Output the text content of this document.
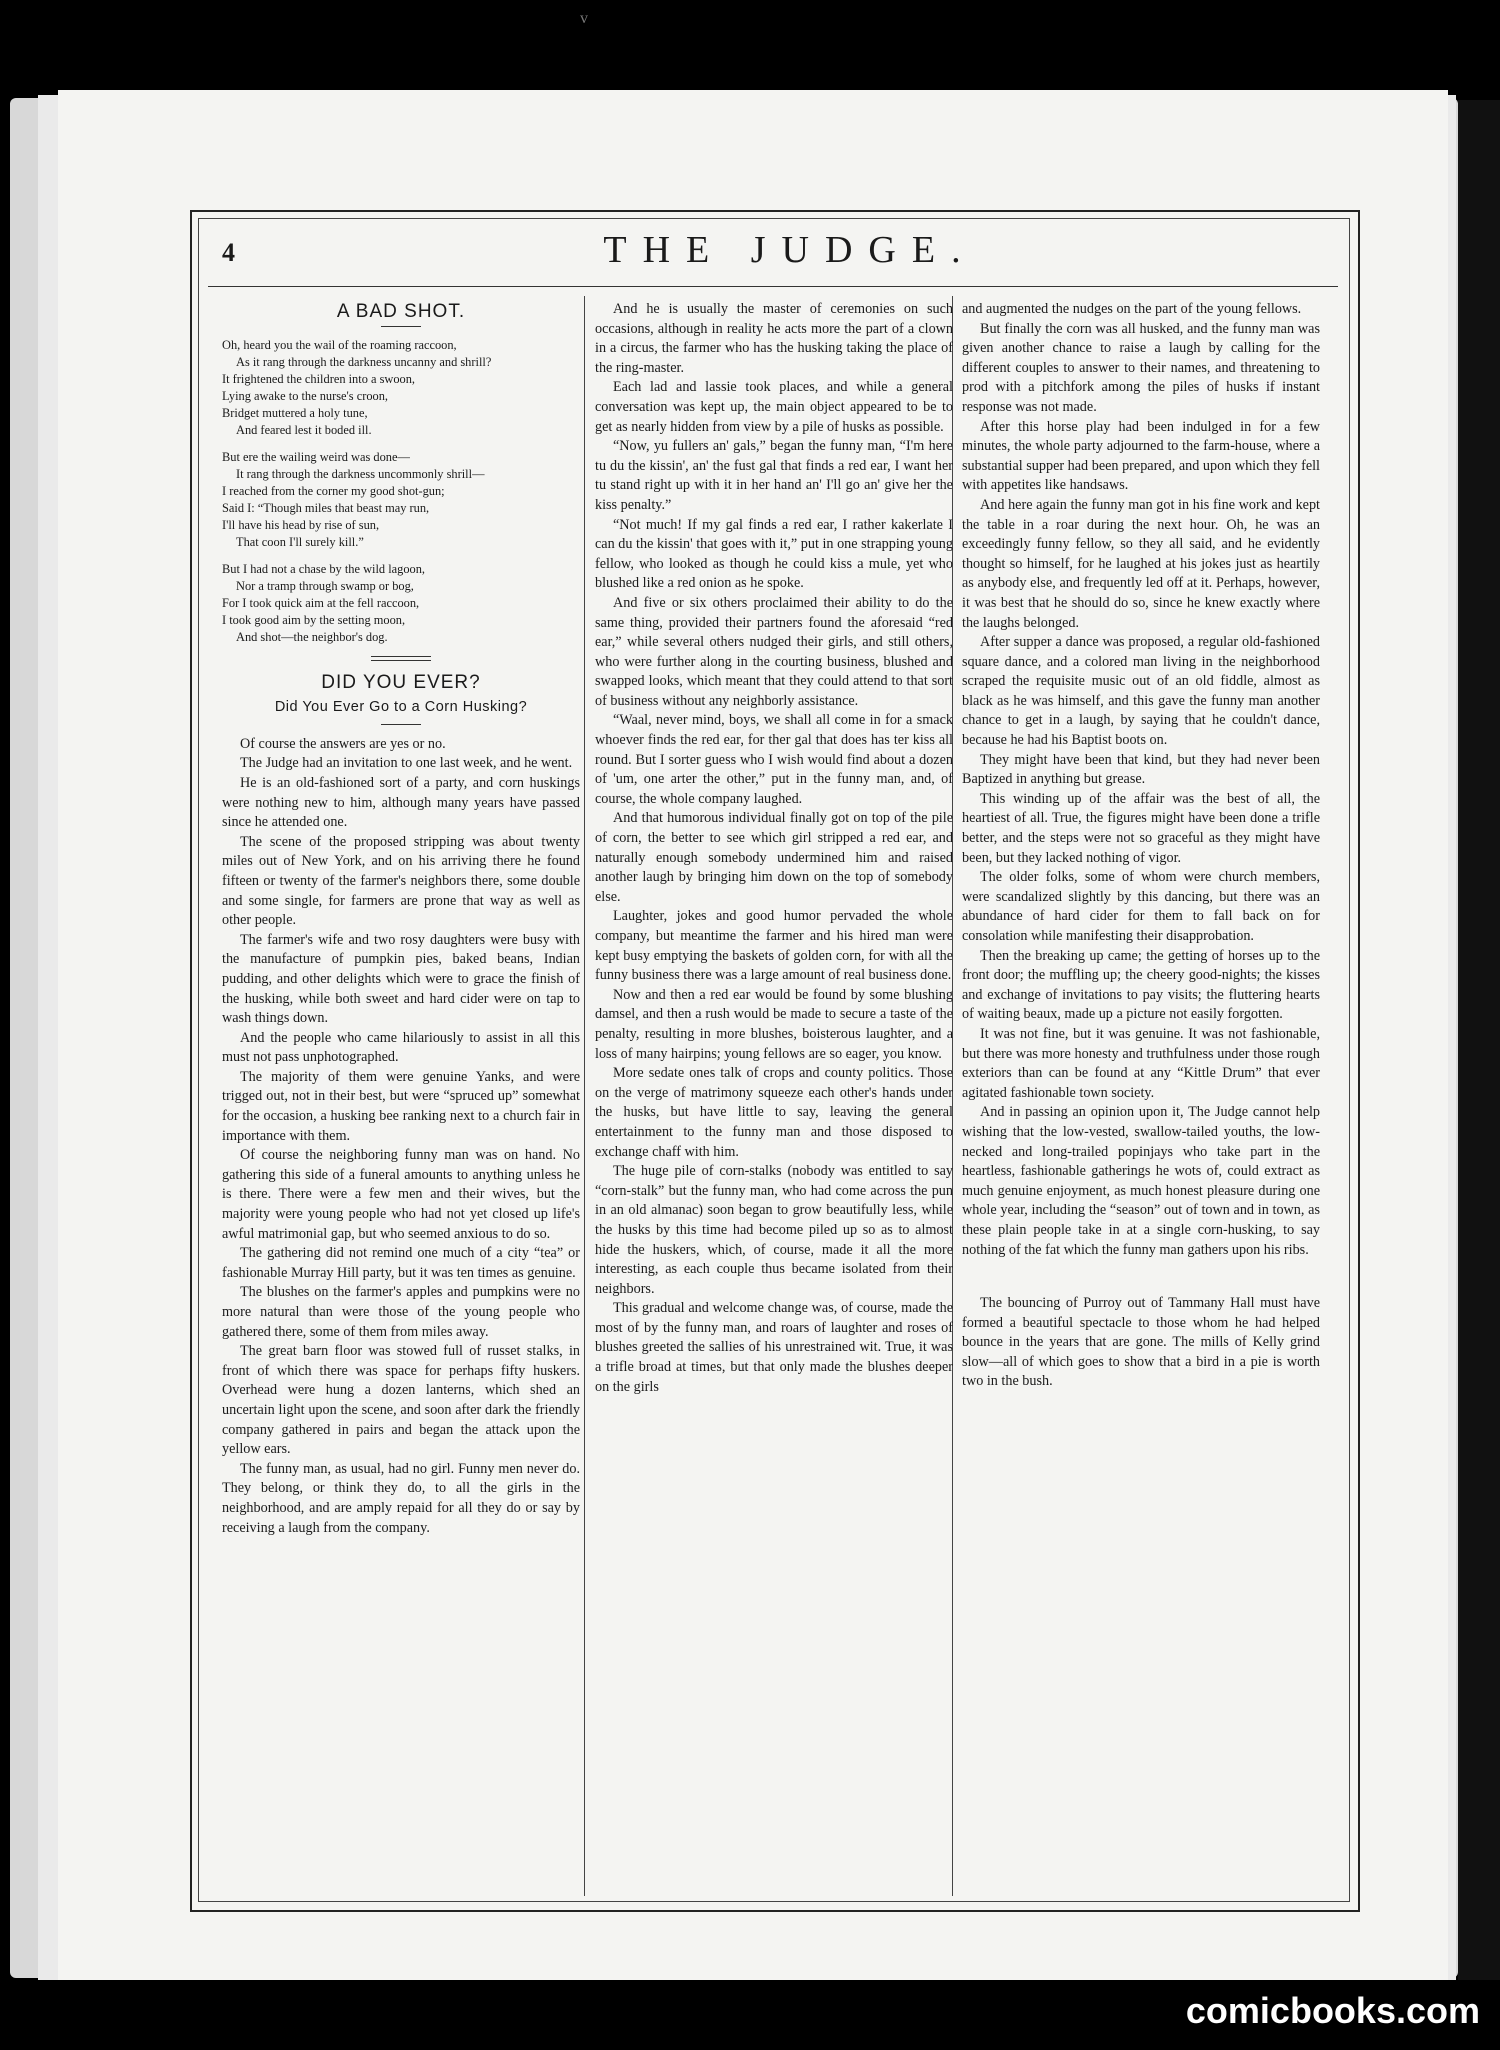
v
4	THE JUDGE.
A BAD SHOT.
Oh, heard you the wail of the roaming raccoon,
As it rang through the darkness uncanny and shrill?
It frightened the children into a swoon,
Lying awake to the nurse's croon,
Bridget muttered a holy tune,
And feared lest it boded ill.
But ere the wailing weird was done—
It rang through the darkness uncommonly shrill—
I reached from the corner my good shot-gun;
Said I: “Though miles that beast may run,
I'll have his head by rise of sun,
That coon I'll surely kill.”
But I had not a chase by the wild lagoon,
Nor a tramp through swamp or bog,
For I took quick aim at the fell raccoon,
I took good aim by the setting moon,
And shot—the neighbor's dog.
DID YOU EVER?
Did You Ever Go to a Corn Husking?

Of course the answers are yes or no.

The Judge had an invitation to one last week, and he went.

He is an old-fashioned sort of a party, and corn huskings were nothing new to him, although many years have passed since he attended one.

The scene of the proposed stripping was about twenty miles out of New York, and on his arriving there he found fifteen or twenty of the farmer's neighbors there, some double and some single, for farmers are prone that way as well as other people.

The farmer's wife and two rosy daughters were busy with the manufacture of pumpkin pies, baked beans, Indian pudding, and other delights which were to grace the finish of the husking, while both sweet and hard cider were on tap to wash things down.

And the people who came hilariously to assist in all this must not pass unphotographed.

The majority of them were genuine Yanks, and were trigged out, not in their best, but were “spruced up” somewhat for the occasion, a husking bee ranking next to a church fair in importance with them.

Of course the neighboring funny man was on hand. No gathering this side of a funeral amounts to anything unless he is there. There were a few men and their wives, but the majority were young people who had not yet closed up life's awful matrimonial gap, but who seemed anxious to do so.

The gathering did not remind one much of a city “tea” or fashionable Murray Hill party, but it was ten times as genuine.

The blushes on the farmer's apples and pumpkins were no more natural than were those of the young people who gathered there, some of them from miles away.

The great barn floor was stowed full of russet stalks, in front of which there was space for perhaps fifty huskers. Overhead were hung a dozen lanterns, which shed an uncertain light upon the scene, and soon after dark the friendly company gathered in pairs and began the attack upon the yellow ears.

The funny man, as usual, had no girl. Funny men never do. They belong, or think they do, to all the girls in the neighborhood, and are amply repaid for all they do or say by receiving a laugh from the company.

And he is usually the master of ceremonies on such occasions, although in reality he acts more the part of a clown in a circus, the farmer who has the husking taking the place of the ring-master.

Each lad and lassie took places, and while a general conversation was kept up, the main object appeared to be to get as nearly hidden from view by a pile of husks as possible.

“Now, yu fullers an' gals,” began the funny man, “I'm here tu du the kissin', an' the fust gal that finds a red ear, I want her tu stand right up with it in her hand an' I'll go an' give her the kiss penalty.”

“Not much! If my gal finds a red ear, I rather kakerlate I can du the kissin' that goes with it,” put in one strapping young fellow, who looked as though he could kiss a mule, yet who blushed like a red onion as he spoke.

And five or six others proclaimed their ability to do the same thing, provided their partners found the aforesaid “red ear,” while several others nudged their girls, and still others, who were further along in the courting business, blushed and swapped looks, which meant that they could attend to that sort of business without any neighborly assistance.

“Waal, never mind, boys, we shall all come in for a smack whoever finds the red ear, for ther gal that does has ter kiss all round. But I sorter guess who I wish would find about a dozen of 'um, one arter the other,” put in the funny man, and, of course, the whole company laughed.

And that humorous individual finally got on top of the pile of corn, the better to see which girl stripped a red ear, and naturally enough somebody undermined him and raised another laugh by bringing him down on the top of somebody else.

Laughter, jokes and good humor pervaded the whole company, but meantime the farmer and his hired man were kept busy emptying the baskets of golden corn, for with all the funny business there was a large amount of real business done.

Now and then a red ear would be found by some blushing damsel, and then a rush would be made to secure a taste of the penalty, resulting in more blushes, boisterous laughter, and a loss of many hairpins; young fellows are so eager, you know.

More sedate ones talk of crops and county politics. Those on the verge of matrimony squeeze each other's hands under the husks, but have little to say, leaving the general entertainment to the funny man and those disposed to exchange chaff with him.

The huge pile of corn-stalks (nobody was entitled to say “corn-stalk” but the funny man, who had come across the pun in an old almanac) soon began to grow beautifully less, while the husks by this time had become piled up so as to almost hide the huskers, which, of course, made it all the more interesting, as each couple thus became isolated from their neighbors.

This gradual and welcome change was, of course, made the most of by the funny man, and roars of laughter and roses of blushes greeted the sallies of his unrestrained wit. True, it was a trifle broad at times, but that only made the blushes deeper on the girls

and augmented the nudges on the part of the young fellows.

But finally the corn was all husked, and the funny man was given another chance to raise a laugh by calling for the different couples to answer to their names, and threatening to prod with a pitchfork among the piles of husks if instant response was not made.

After this horse play had been indulged in for a few minutes, the whole party adjourned to the farm-house, where a substantial supper had been prepared, and upon which they fell with appetites like handsaws.

And here again the funny man got in his fine work and kept the table in a roar during the next hour. Oh, he was an exceedingly funny fellow, so they all said, and he evidently thought so himself, for he laughed at his jokes just as heartily as anybody else, and frequently led off at it. Perhaps, however, it was best that he should do so, since he knew exactly where the laughs belonged.

After supper a dance was proposed, a regular old-fashioned square dance, and a colored man living in the neighborhood scraped the requisite music out of an old fiddle, almost as black as he was himself, and this gave the funny man another chance to get in a laugh, by saying that he couldn't dance, because he had his Baptist boots on.

They might have been that kind, but they had never been Baptized in anything but grease.

This winding up of the affair was the best of all, the heartiest of all. True, the figures might have been done a trifle better, and the steps were not so graceful as they might have been, but they lacked nothing of vigor.

The older folks, some of whom were church members, were scandalized slightly by this dancing, but there was an abundance of hard cider for them to fall back on for consolation while manifesting their disapprobation.

Then the breaking up came; the getting of horses up to the front door; the muffling up; the cheery good-nights; the kisses and exchange of invitations to pay visits; the fluttering hearts of waiting beaux, made up a picture not easily forgotten.

It was not fine, but it was genuine. It was not fashionable, but there was more honesty and truthfulness under those rough exteriors than can be found at any “Kittle Drum” that ever agitated fashionable town society.

And in passing an opinion upon it, The Judge cannot help wishing that the low-vested, swallow-tailed youths, the low-necked and long-trailed popinjays who take part in the heartless, fashionable gatherings he wots of, could extract as much genuine enjoyment, as much honest pleasure during one whole year, including the “season” out of town and in town, as these plain people take in at a single corn-husking, to say nothing of the fat which the funny man gathers upon his ribs.

The bouncing of Purroy out of Tammany Hall must have formed a beautiful spectacle to those whom he had helped bounce in the years that are gone. The mills of Kelly grind slow—all of which goes to show that a bird in a pie is worth two in the bush.

comicbooks.com
